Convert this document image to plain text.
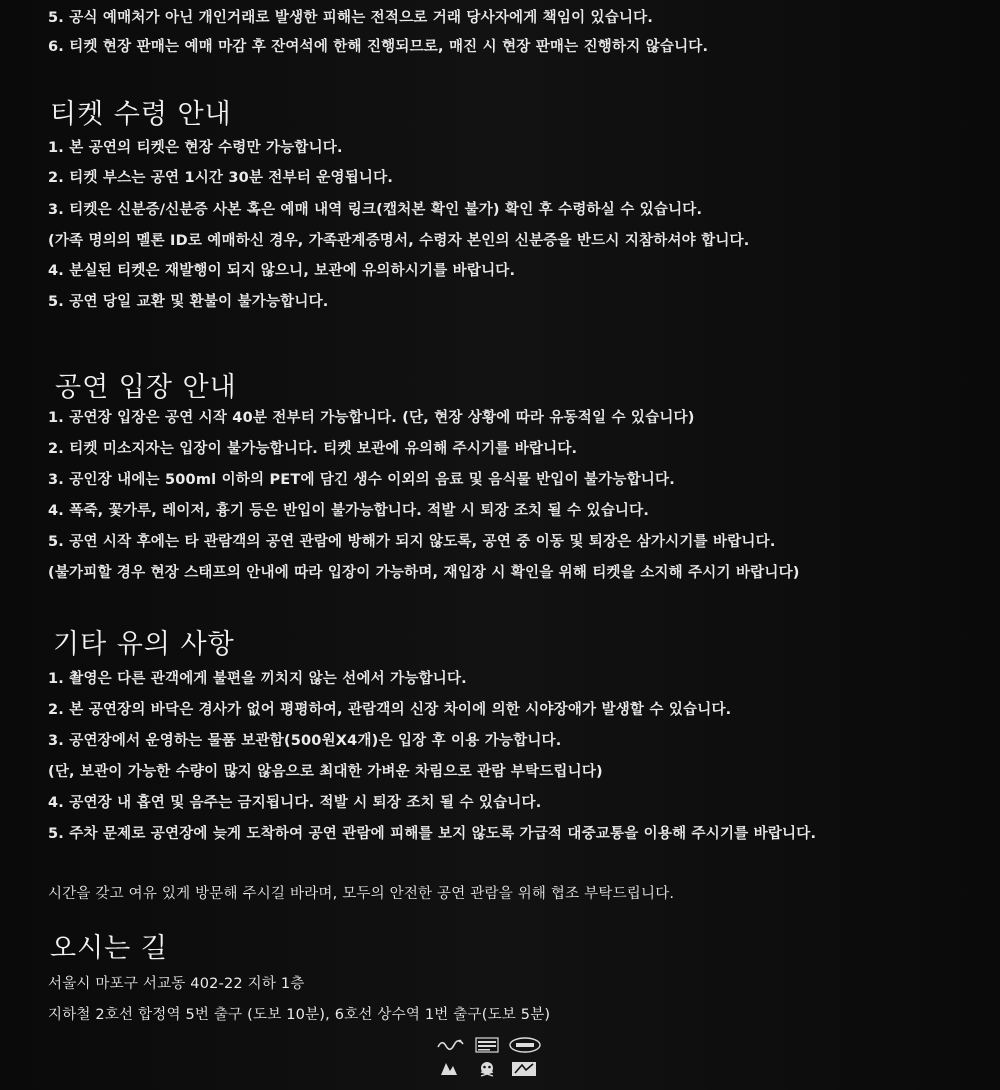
5. 공식 예매처가 아닌 개인거래로 발생한 피해는 전적으로 거래 당사자에게 책임이 있습니다.
6. 티켓 현장 판매는 예매 마감 후 잔여석에 한해 진행되므로, 매진 시 현장 판매는 진행하지 않습니다.
티켓 수령 안내
1. 본 공연의 티켓은 현장 수령만 가능합니다.
2. 티켓 부스는 공연 1시간 30분 전부터 운영됩니다.
3. 티켓은 신분증/신분증 사본 혹은 예매 내역 링크(캡처본 확인 불가) 확인 후 수령하실 수 있습니다.
(가족 명의의 멜론 ID로 예매하신 경우, 가족관계증명서, 수령자 본인의 신분증을 반드시 지참하셔야 합니다.
4. 분실된 티켓은 재발행이 되지 않으니, 보관에 유의하시기를 바랍니다.
5. 공연 당일 교환 및 환불이 불가능합니다.
공연 입장 안내
1. 공연장 입장은 공연 시작 40분 전부터 가능합니다. (단, 현장 상황에 따라 유동적일 수 있습니다)
2. 티켓 미소지자는 입장이 불가능합니다. 티켓 보관에 유의해 주시기를 바랍니다.
3. 공인장 내에는 500ml 이하의 PET에 담긴 생수 이외의 음료 및 음식물 반입이 불가능합니다.
4. 폭죽, 꽃가루, 레이저, 흉기 등은 반입이 불가능합니다. 적발 시 퇴장 조치 될 수 있습니다.
5. 공연 시작 후에는 타 관람객의 공연 관람에 방해가 되지 않도록, 공연 중 이동 및 퇴장은 삼가시기를 바랍니다.
(불가피할 경우 현장 스태프의 안내에 따라 입장이 가능하며, 재입장 시 확인을 위해 티켓을 소지해 주시기 바랍니다)
기타 유의 사항
1. 촬영은 다른 관객에게 불편을 끼치지 않는 선에서 가능합니다.
2. 본 공연장의 바닥은 경사가 없어 평평하여, 관람객의 신장 차이에 의한 시야장애가 발생할 수 있습니다.
3. 공연장에서 운영하는 물품 보관함(500원X4개)은 입장 후 이용 가능합니다.
(단, 보관이 가능한 수량이 많지 않음으로 최대한 가벼운 차림으로 관람 부탁드립니다)
4. 공연장 내 흡연 및 음주는 금지됩니다. 적발 시 퇴장 조치 될 수 있습니다.
5. 주차 문제로 공연장에 늦게 도착하여 공연 관람에 피해를 보지 않도록 가급적 대중교통을 이용해 주시기를 바랍니다.
시간을 갖고 여유 있게 방문해 주시길 바라며, 모두의 안전한 공연 관람을 위해 협조 부탁드립니다.
오시는 길
서울시 마포구 서교동 402-22 지하 1층
지하철 2호선 합정역 5번 출구 (도보 10분), 6호선 상수역 1번 출구(도보 5분)
